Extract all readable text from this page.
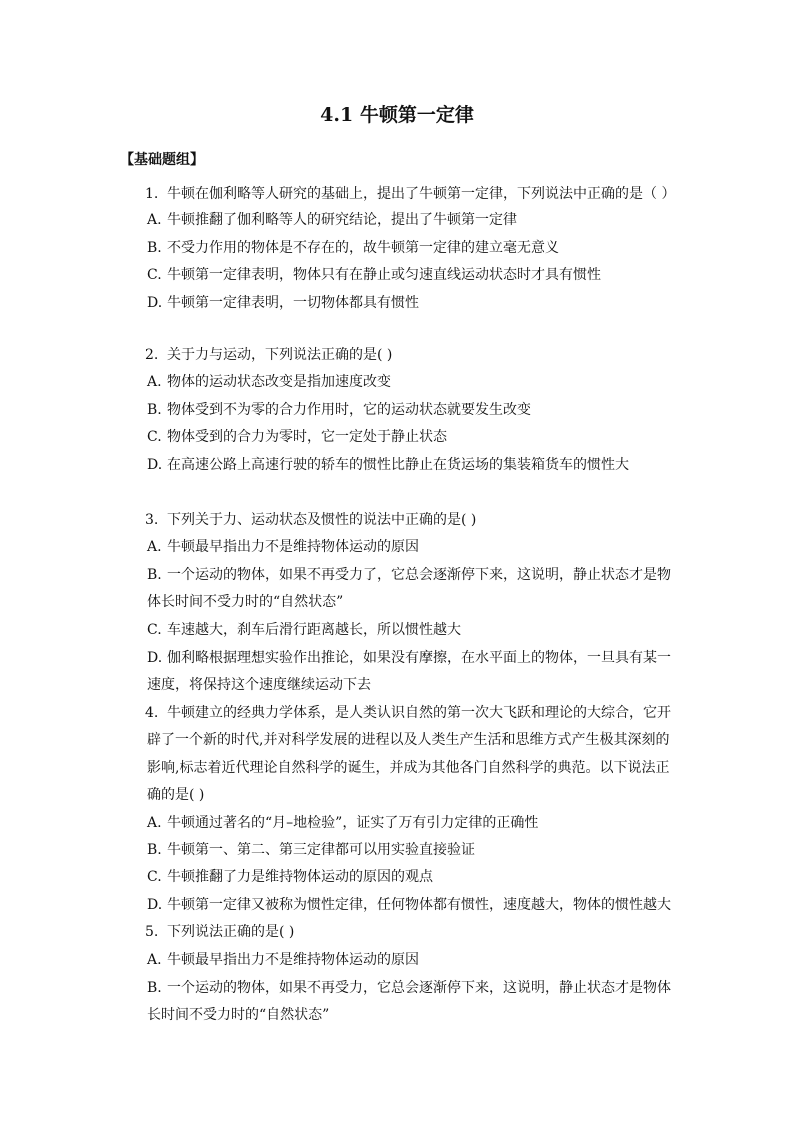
4.1 牛顿第一定律
【基础题组】
1. 牛顿在伽利略等人研究的基础上，提出了牛顿第一定律，下列说法中正确的是（ ）
A. 牛顿推翻了伽利略等人的研究结论，提出了牛顿第一定律
B. 不受力作用的物体是不存在的，故牛顿第一定律的建立毫无意义
C. 牛顿第一定律表明，物体只有在静止或匀速直线运动状态时才具有惯性
D. 牛顿第一定律表明，一切物体都具有惯性
2. 关于力与运动，下列说法正确的是( )
A. 物体的运动状态改变是指加速度改变
B. 物体受到不为零的合力作用时，它的运动状态就要发生改变
C. 物体受到的合力为零时，它一定处于静止状态
D. 在高速公路上高速行驶的轿车的惯性比静止在货运场的集装箱货车的惯性大
3. 下列关于力、运动状态及惯性的说法中正确的是( )
A. 牛顿最早指出力不是维持物体运动的原因
B. 一个运动的物体，如果不再受力了，它总会逐渐停下来，这说明，静止状态才是物
体长时间不受力时的“自然状态”
C. 车速越大，刹车后滑行距离越长，所以惯性越大
D. 伽利略根据理想实验作出推论，如果没有摩擦，在水平面上的物体，一旦具有某一
速度，将保持这个速度继续运动下去
4. 牛顿建立的经典力学体系，是人类认识自然的第一次大飞跃和理论的大综合，它开
辟了一个新的时代,并对科学发展的进程以及人类生产生活和思维方式产生极其深刻的
影响,标志着近代理论自然科学的诞生，并成为其他各门自然科学的典范。以下说法正
确的是( )
A. 牛顿通过著名的“月–地检验”，证实了万有引力定律的正确性
B. 牛顿第一、第二、第三定律都可以用实验直接验证
C. 牛顿推翻了力是维持物体运动的原因的观点
D. 牛顿第一定律又被称为惯性定律，任何物体都有惯性，速度越大，物体的惯性越大
5. 下列说法正确的是( )
A. 牛顿最早指出力不是维持物体运动的原因
B. 一个运动的物体，如果不再受力，它总会逐渐停下来，这说明，静止状态才是物体
长时间不受力时的“自然状态”
